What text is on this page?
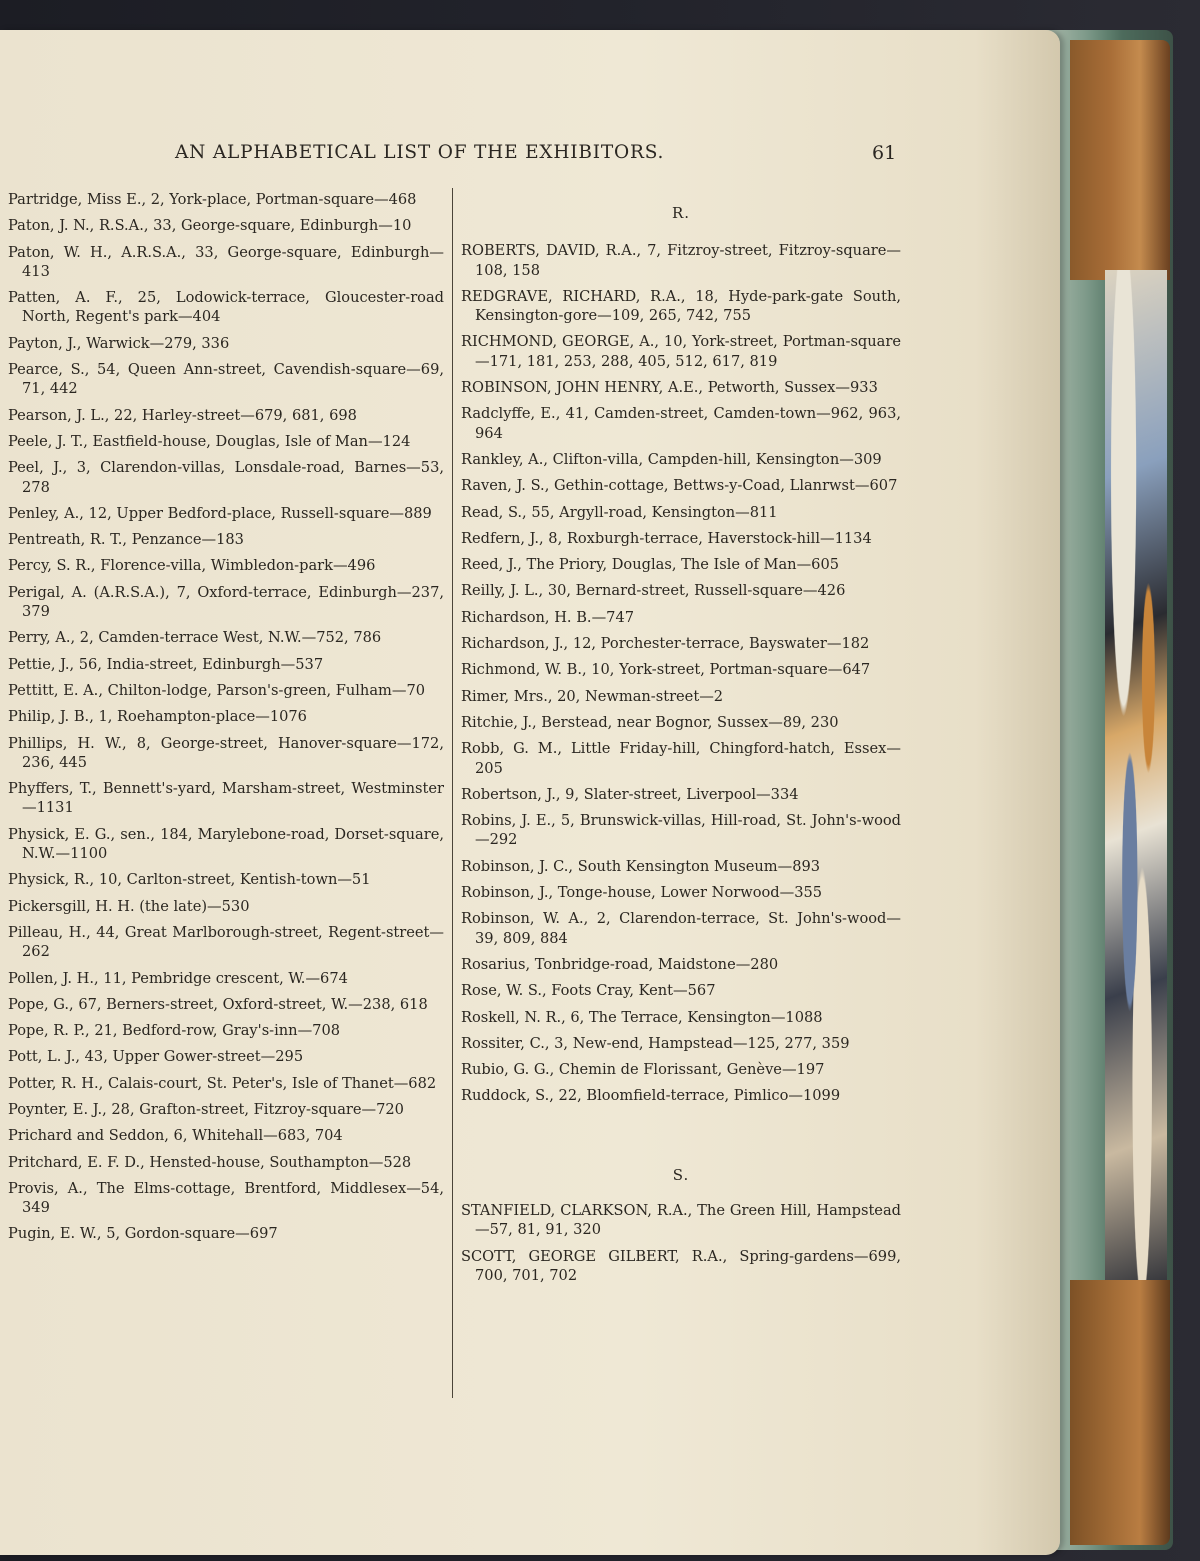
AN ALPHABETICAL LIST OF THE EXHIBITORS.	61
Partridge, Miss E., 2, York-place, Portman-square—468
Paton, J. N., R.S.A., 33, George-square, Edinburgh—10
Paton, W. H., A.R.S.A., 33, George-square, Edinburgh—413
Patten, A. F., 25, Lodowick-terrace, Gloucester-road North, Regent's park—404
Payton, J., Warwick—279, 336
Pearce, S., 54, Queen Ann-street, Cavendish-square—69, 71, 442
Pearson, J. L., 22, Harley-street—679, 681, 698
Peele, J. T., Eastfield-house, Douglas, Isle of Man—124
Peel, J., 3, Clarendon-villas, Lonsdale-road, Barnes—53, 278
Penley, A., 12, Upper Bedford-place, Russell-square—889
Pentreath, R. T., Penzance—183
Percy, S. R., Florence-villa, Wimbledon-park—496
Perigal, A. (A.R.S.A.), 7, Oxford-terrace, Edinburgh—237, 379
Perry, A., 2, Camden-terrace West, N.W.—752, 786
Pettie, J., 56, India-street, Edinburgh—537
Pettitt, E. A., Chilton-lodge, Parson's-green, Fulham—70
Philip, J. B., 1, Roehampton-place—1076
Phillips, H. W., 8, George-street, Hanover-square—172, 236, 445
Phyffers, T., Bennett's-yard, Marsham-street, Westminster—1131
Physick, E. G., sen., 184, Marylebone-road, Dorset-square, N.W.—1100
Physick, R., 10, Carlton-street, Kentish-town—51
Pickersgill, H. H. (the late)—530
Pilleau, H., 44, Great Marlborough-street, Regent-street—262
Pollen, J. H., 11, Pembridge crescent, W.—674
Pope, G., 67, Berners-street, Oxford-street, W.—238, 618
Pope, R. P., 21, Bedford-row, Gray's-inn—708
Pott, L. J., 43, Upper Gower-street—295
Potter, R. H., Calais-court, St. Peter's, Isle of Thanet—682
Poynter, E. J., 28, Grafton-street, Fitzroy-square—720
Prichard and Seddon, 6, Whitehall—683, 704
Pritchard, E. F. D., Hensted-house, Southampton—528
Provis, A., The Elms-cottage, Brentford, Middlesex—54, 349
Pugin, E. W., 5, Gordon-square—697
R.
ROBERTS, DAVID, R.A., 7, Fitzroy-street, Fitzroy-square—108, 158
REDGRAVE, RICHARD, R.A., 18, Hyde-park-gate South, Kensington-gore—109, 265, 742, 755
RICHMOND, GEORGE, A., 10, York-street, Portman-square—171, 181, 253, 288, 405, 512, 617, 819
ROBINSON, JOHN HENRY, A.E., Petworth, Sussex—933
Radclyffe, E., 41, Camden-street, Camden-town—962, 963, 964
Rankley, A., Clifton-villa, Campden-hill, Kensington—309
Raven, J. S., Gethin-cottage, Bettws-y-Coad, Llanrwst—607
Read, S., 55, Argyll-road, Kensington—811
Redfern, J., 8, Roxburgh-terrace, Haverstock-hill—1134
Reed, J., The Priory, Douglas, The Isle of Man—605
Reilly, J. L., 30, Bernard-street, Russell-square—426
Richardson, H. B.—747
Richardson, J., 12, Porchester-terrace, Bayswater—182
Richmond, W. B., 10, York-street, Portman-square—647
Rimer, Mrs., 20, Newman-street—2
Ritchie, J., Berstead, near Bognor, Sussex—89, 230
Robb, G. M., Little Friday-hill, Chingford-hatch, Essex—205
Robertson, J., 9, Slater-street, Liverpool—334
Robins, J. E., 5, Brunswick-villas, Hill-road, St. John's-wood—292
Robinson, J. C., South Kensington Museum—893
Robinson, J., Tonge-house, Lower Norwood—355
Robinson, W. A., 2, Clarendon-terrace, St. John's-wood—39, 809, 884
Rosarius, Tonbridge-road, Maidstone—280
Rose, W. S., Foots Cray, Kent—567
Roskell, N. R., 6, The Terrace, Kensington—1088
Rossiter, C., 3, New-end, Hampstead—125, 277, 359
Rubio, G. G., Chemin de Florissant, Genève—197
Ruddock, S., 22, Bloomfield-terrace, Pimlico—1099
S.
STANFIELD, CLARKSON, R.A., The Green Hill, Hampstead—57, 81, 91, 320
SCOTT, GEORGE GILBERT, R.A., Spring-gardens—699, 700, 701, 702
